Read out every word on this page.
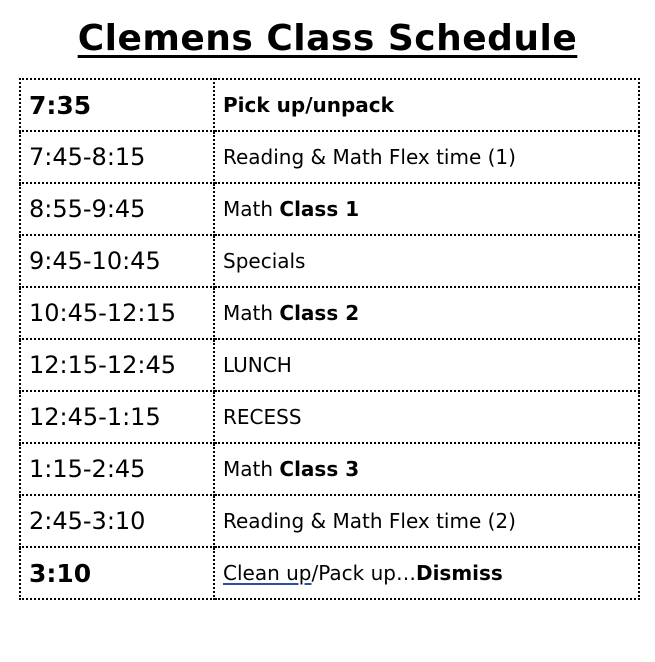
Clemens Class Schedule
7:35	Pick up/unpack
7:45-8:15	Reading & Math Flex time (1)
8:55-9:45	Math Class 1
9:45-10:45	Specials
10:45-12:15	Math Class 2
12:15-12:45	LUNCH
12:45-1:15	RECESS
1:15-2:45	Math Class 3
2:45-3:10	Reading & Math Flex time (2)
3:10	Clean up/Pack up…Dismiss
